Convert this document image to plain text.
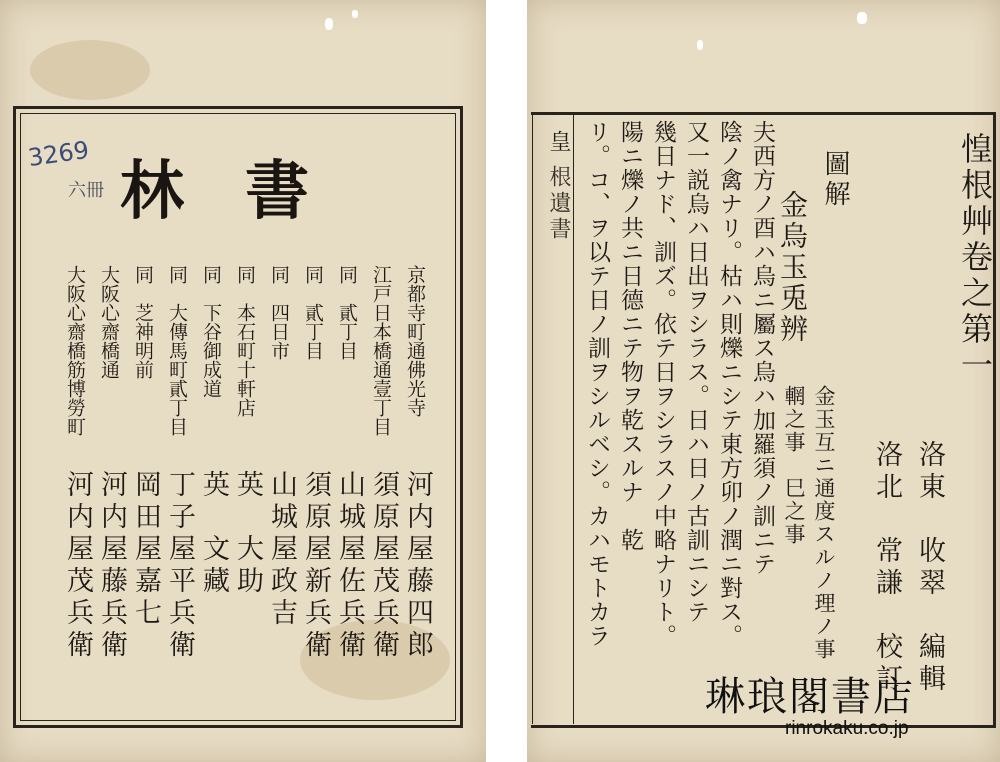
3269
六冊 書
林
京都寺町通佛光寺
河内屋藤四郎
江戸日本橋通壹丁目
須原屋茂兵衛
同　貳丁目
山城屋佐兵衛
同　貳丁目
須原屋新兵衛
同　四日市
山城屋政吉
同　本石町十軒店
英　大助
同　下谷御成道
英　文藏
同　大傳馬町貳丁目
丁子屋平兵衛
同　芝神明前
岡田屋嘉七
大阪心齋橋通
河内屋藤兵衛
大阪心齋橋筋博勞町
河内屋茂兵衛
皇
根遺書	惶根艸卷之第一
洛東　收翠　編輯
洛北　常謙　校訂
圖解
金烏玉兎辨
金玉互ニ通度スルノ理ノ事
輞之事　巳之事
夫西方ノ酉ハ烏ニ屬ス烏ハ加羅須ノ訓ニテ
陰ノ禽ナリ。枯ハ則爍ニシテ東方卯ノ潤ニ對ス。
又一説烏ハ日出ヲシラス。日ハ日ノ古訓ニシテ
幾日ナド、訓ズ。依テ日ヲシラスノ中略ナリト。
陽ニ爍ノ共ニ日德ニテ物ヲ乾スルナ　乾
リ。コ、ヲ以テ日ノ訓ヲシルベシ。カハモトカラ
琳琅閣書店
rinrokaku.co.jp
